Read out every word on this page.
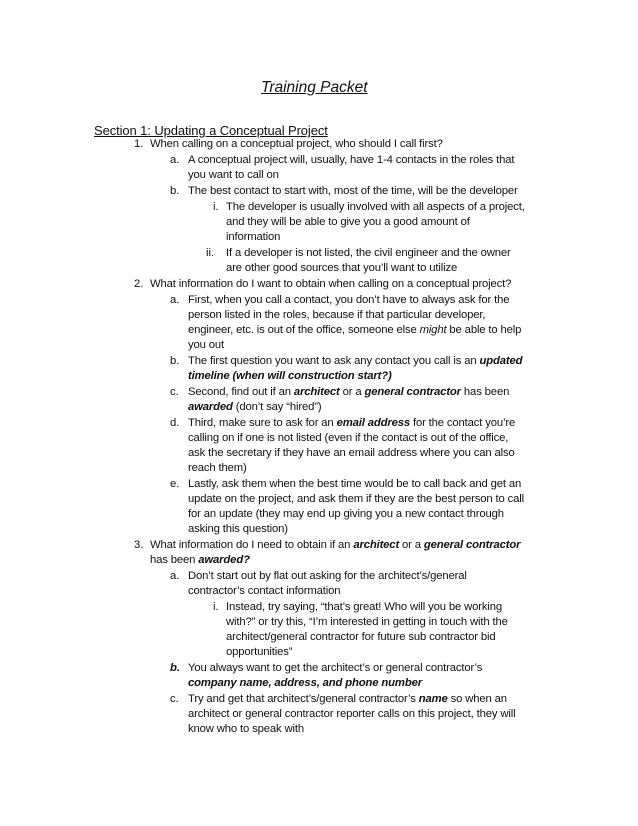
Training Packet
Section 1: Updating a Conceptual Project
1. When calling on a conceptual project, who should I call first?
a. A conceptual project will, usually, have 1-4 contacts in the roles that
you want to call on
b. The best contact to start with, most of the time, will be the developer
i. The developer is usually involved with all aspects of a project,
and they will be able to give you a good amount of
information
ii. If a developer is not listed, the civil engineer and the owner
are other good sources that you’ll want to utilize
2. What information do I want to obtain when calling on a conceptual project?
a. First, when you call a contact, you don’t have to always ask for the
person listed in the roles, because if that particular developer,
engineer, etc. is out of the office, someone else might be able to help
you out
b. The first question you want to ask any contact you call is an updated
timeline (when will construction start?)
c. Second, find out if an architect or a general contractor has been
awarded (don’t say “hired”)
d. Third, make sure to ask for an email address for the contact you’re
calling on if one is not listed (even if the contact is out of the office,
ask the secretary if they have an email address where you can also
reach them)
e. Lastly, ask them when the best time would be to call back and get an
update on the project, and ask them if they are the best person to call
for an update (they may end up giving you a new contact through
asking this question)
3. What information do I need to obtain if an architect or a general contractor
has been awarded?
a. Don’t start out by flat out asking for the architect’s/general
contractor’s contact information
i. Instead, try saying, “that’s great! Who will you be working
with?” or try this, “I’m interested in getting in touch with the
architect/general contractor for future sub contractor bid
opportunities”
b. You always want to get the architect’s or general contractor’s
company name, address, and phone number
c. Try and get that architect’s/general contractor’s name so when an
architect or general contractor reporter calls on this project, they will
know who to speak with
